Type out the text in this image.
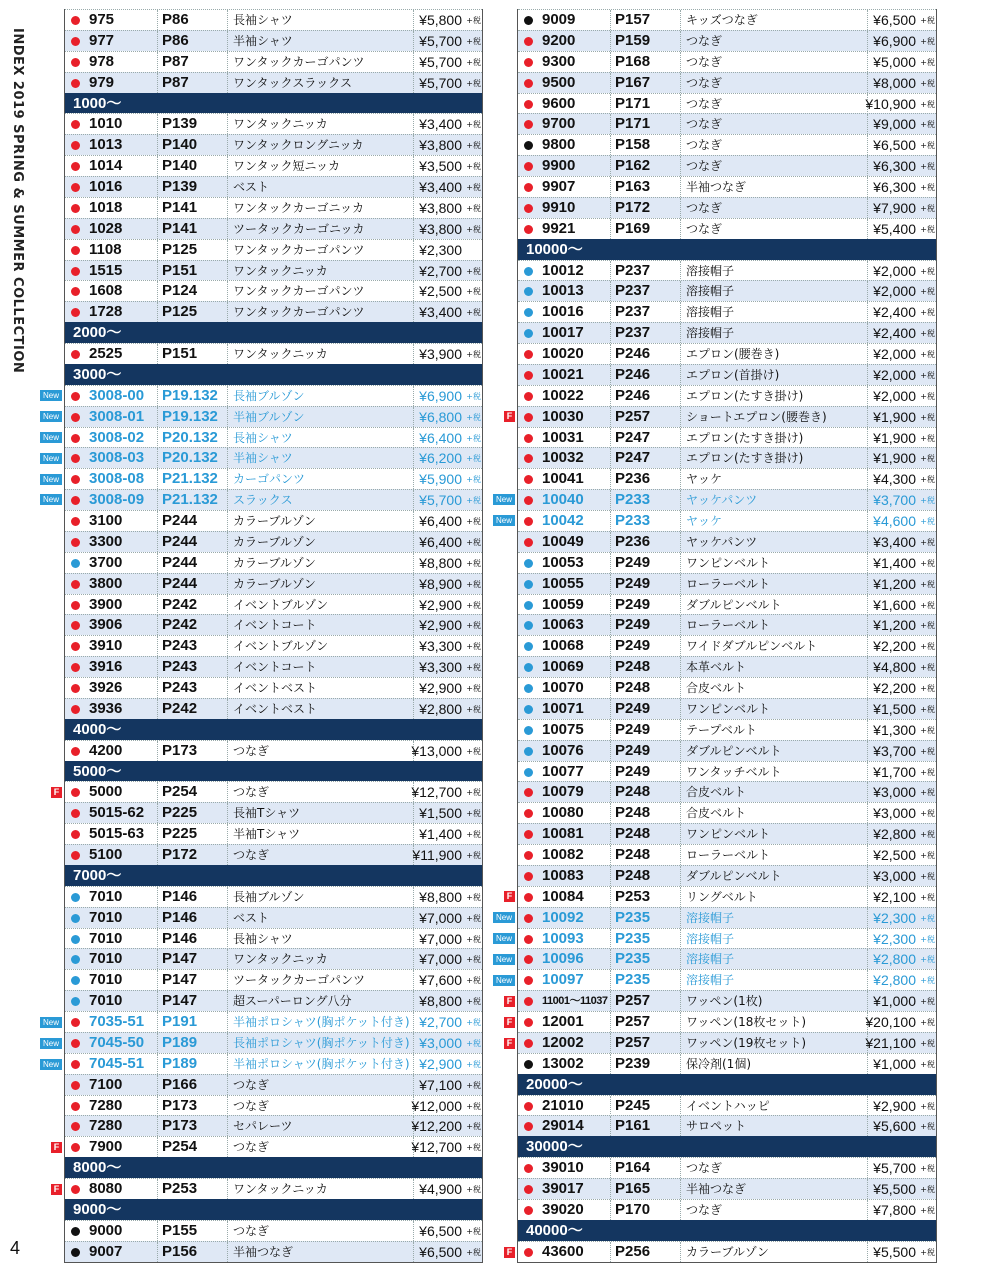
INDEX 2019 SPRING & SUMMER COLLECTION
4
975	P86	長袖シャツ	¥5,800 +税
977	P86	半袖シャツ	¥5,700 +税
978	P87	ワンタックカーゴパンツ	¥5,700 +税
979	P87	ワンタックスラックス	¥5,700 +税
1000～
1010	P139	ワンタックニッカ	¥3,400 +税
1013	P140	ワンタックロングニッカ	¥3,800 +税
1014	P140	ワンタック短ニッカ	¥3,500 +税
1016	P139	ベスト	¥3,400 +税
1018	P141	ワンタックカーゴニッカ	¥3,800 +税
1028	P141	ツータックカーゴニッカ	¥3,800 +税
1108	P125	ワンタックカーゴパンツ	¥2,300
1515	P151	ワンタックニッカ	¥2,700 +税
1608	P124	ワンタックカーゴパンツ	¥2,500 +税
1728	P125	ワンタックカーゴパンツ	¥3,400 +税
2000～
2525	P151	ワンタックニッカ	¥3,900 +税
3000～
3008-00	P19.132	長袖ブルゾン	¥6,900 +税
3008-01	P19.132	半袖ブルゾン	¥6,800 +税
3008-02	P20.132	長袖シャツ	¥6,400 +税
3008-03	P20.132	半袖シャツ	¥6,200 +税
3008-08	P21.132	カーゴパンツ	¥5,900 +税
3008-09	P21.132	スラックス	¥5,700 +税
3100	P244	カラーブルゾン	¥6,400 +税
3300	P244	カラーブルゾン	¥6,400 +税
3700	P244	カラーブルゾン	¥8,800 +税
3800	P244	カラーブルゾン	¥8,900 +税
3900	P242	イベントブルゾン	¥2,900 +税
3906	P242	イベントコート	¥2,900 +税
3910	P243	イベントブルゾン	¥3,300 +税
3916	P243	イベントコート	¥3,300 +税
3926	P243	イベントベスト	¥2,900 +税
3936	P242	イベントベスト	¥2,800 +税
4000～
4200	P173	つなぎ	¥13,000 +税
5000～
5000	P254	つなぎ	¥12,700 +税
5015-62	P225	長袖Tシャツ	¥1,500 +税
5015-63	P225	半袖Tシャツ	¥1,400 +税
5100	P172	つなぎ	¥11,900 +税
7000～
7010	P146	長袖ブルゾン	¥8,800 +税
7010	P146	ベスト	¥7,000 +税
7010	P146	長袖シャツ	¥7,000 +税
7010	P147	ワンタックニッカ	¥7,000 +税
7010	P147	ツータックカーゴパンツ	¥7,600 +税
7010	P147	超スーパーロング八分	¥8,800 +税
7035-51	P191	半袖ポロシャツ(胸ポケット付き) ¥2,700 +税
7045-50	P189	長袖ポロシャツ(胸ポケット付き) ¥3,000 +税
7045-51	P189	半袖ポロシャツ(胸ポケット付き) ¥2,900 +税
7100	P166	つなぎ	¥7,100 +税
7280	P173	つなぎ	¥12,000 +税
7280	P173	セパレーツ	¥12,200 +税
7900	P254	つなぎ	¥12,700 +税
8000～
8080	P253	ワンタックニッカ	¥4,900 +税
9000～
9000	P155	つなぎ	¥6,500 +税
9007	P156	半袖つなぎ	¥6,500 +税
9009	P157	キッズつなぎ	¥6,500 +税
9200	P159	つなぎ	¥6,900 +税
9300	P168	つなぎ	¥5,000 +税
9500	P167	つなぎ	¥8,000 +税
9600	P171	つなぎ	¥10,900 +税
9700	P171	つなぎ	¥9,000 +税
9800	P158	つなぎ	¥6,500 +税
9900	P162	つなぎ	¥6,300 +税
9907	P163	半袖つなぎ	¥6,300 +税
9910	P172	つなぎ	¥7,900 +税
9921	P169	つなぎ	¥5,400 +税
10000～
10012	P237	溶接帽子	¥2,000 +税
10013	P237	溶接帽子	¥2,000 +税
10016	P237	溶接帽子	¥2,400 +税
10017	P237	溶接帽子	¥2,400 +税
10020	P246	エプロン(腰巻き)	¥2,000 +税
10021	P246	エプロン(首掛け)	¥2,000 +税
10022	P246	エプロン(たすき掛け)	¥2,000 +税
10030	P257	ショートエプロン(腰巻き)	¥1,900 +税
10031	P247	エプロン(たすき掛け)	¥1,900 +税
10032	P247	エプロン(たすき掛け)	¥1,900 +税
10041	P236	ヤッケ	¥4,300 +税
10040	P233	ヤッケパンツ	¥3,700 +税
10042	P233	ヤッケ	¥4,600 +税
10049	P236	ヤッケパンツ	¥3,400 +税
10053	P249	ワンピンベルト	¥1,400 +税
10055	P249	ローラーベルト	¥1,200 +税
10059	P249	ダブルピンベルト	¥1,600 +税
10063	P249	ローラーベルト	¥1,200 +税
10068	P249	ワイドダブルピンベルト	¥2,200 +税
10069	P248	本革ベルト	¥4,800 +税
10070	P248	合皮ベルト	¥2,200 +税
10071	P249	ワンピンベルト	¥1,500 +税
10075	P249	テープベルト	¥1,300 +税
10076	P249	ダブルピンベルト	¥3,700 +税
10077	P249	ワンタッチベルト	¥1,700 +税
10079	P248	合皮ベルト	¥3,000 +税
10080	P248	合皮ベルト	¥3,000 +税
10081	P248	ワンピンベルト	¥2,800 +税
10082	P248	ローラーベルト	¥2,500 +税
10083	P248	ダブルピンベルト	¥3,000 +税
10084	P253	リングベルト	¥2,100 +税
10092	P235	溶接帽子	¥2,300 +税
10093	P235	溶接帽子	¥2,300 +税
10096	P235	溶接帽子	¥2,800 +税
10097	P235	溶接帽子	¥2,800 +税
11001～11037 P257	ワッペン(1枚)	¥1,000 +税
12001	P257	ワッペン(18枚セット)	¥20,100 +税
12002	P257	ワッペン(19枚セット)	¥21,100 +税
13002	P239	保冷剤(1個)	¥1,000 +税
20000～
21010	P245	イベントハッピ	¥2,900 +税
29014	P161	サロペット	¥5,600 +税
30000～
39010	P164	つなぎ	¥5,700 +税
39017	P165	半袖つなぎ	¥5,500 +税
39020	P170	つなぎ	¥7,800 +税
40000～
43600	P256	カラーブルゾン	¥5,500 +税
New
New
New
New
New
New
F
New
New
New
F
F
F
New
New
F
New
New
New
New
F
F
F
F
